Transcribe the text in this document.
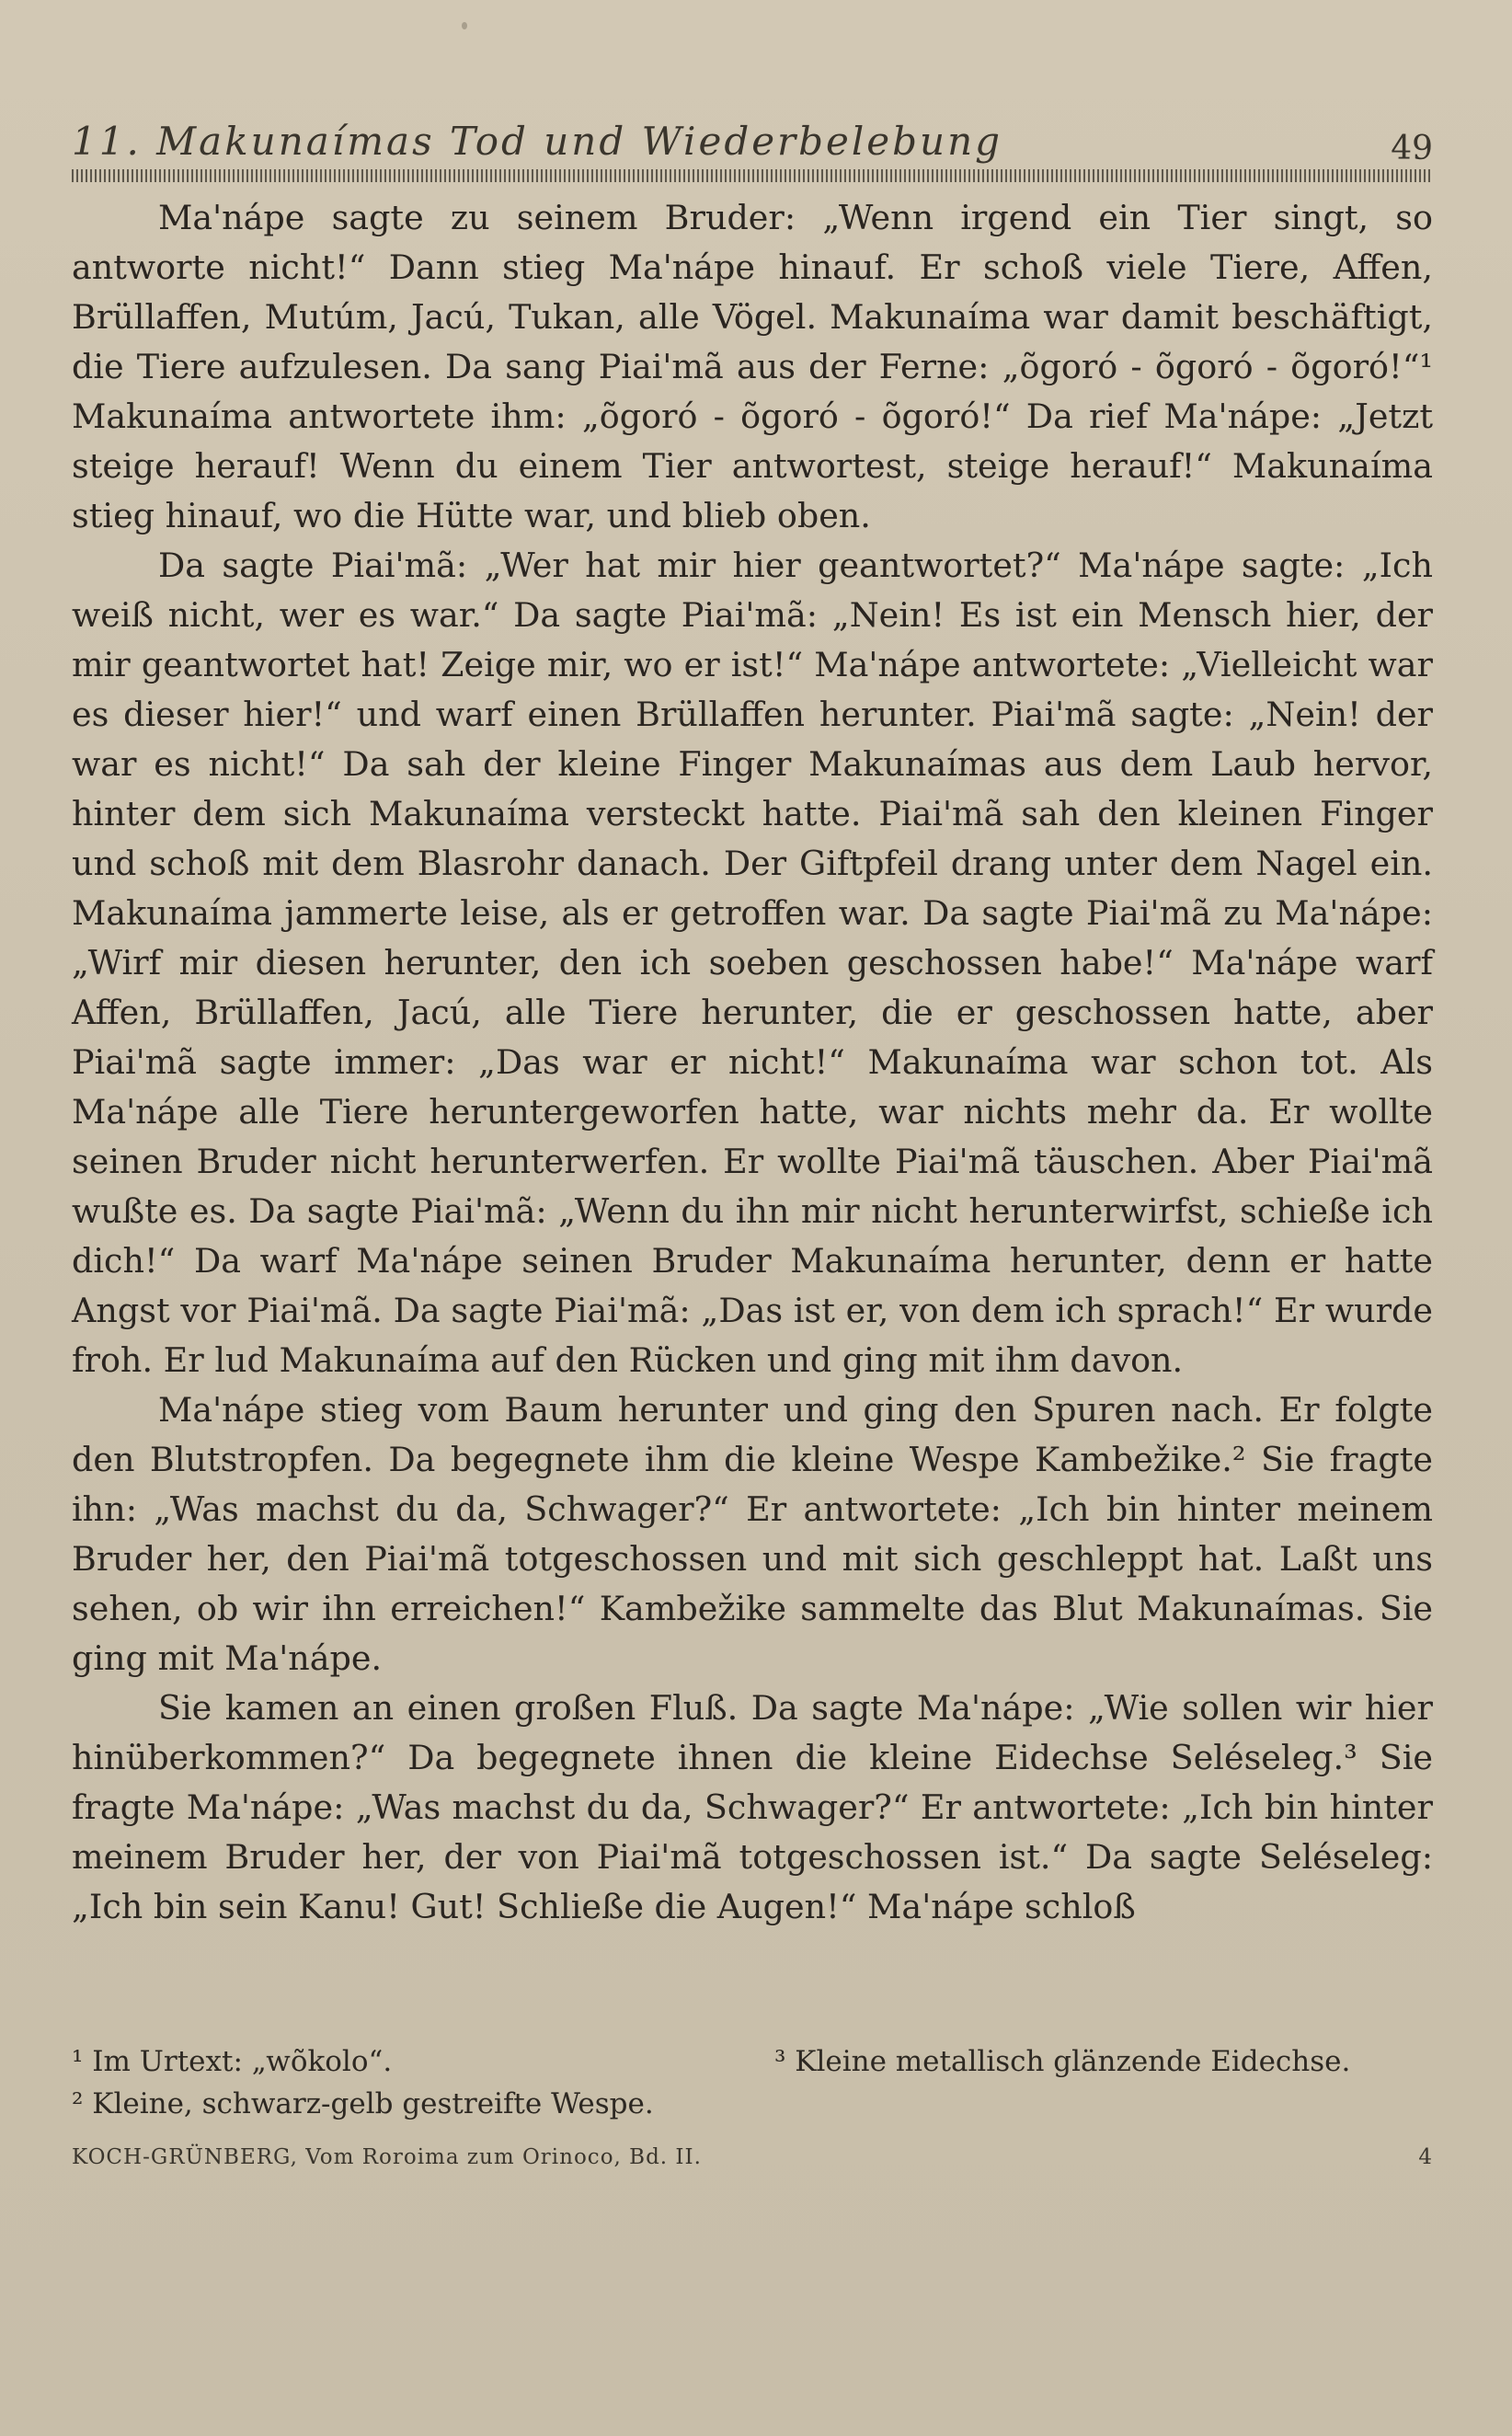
11. Makunaímas Tod und Wiederbelebung	49

Ma'nápe sagte zu seinem Bruder: „Wenn irgend ein Tier singt, so antworte nicht!“ Dann stieg Ma'nápe hinauf. Er schoß viele Tiere, Affen, Brüllaffen, Mutúm, Jacú, Tukan, alle Vögel. Makunaíma war damit beschäftigt, die Tiere aufzulesen. Da sang Piai'mã aus der Ferne: „õgoró - õgoró - õgoró!“¹ Makunaíma antwortete ihm: „õgoró - õgoró - õgoró!“ Da rief Ma'nápe: „Jetzt steige herauf! Wenn du einem Tier antwortest, steige herauf!“ Makunaíma stieg hinauf, wo die Hütte war, und blieb oben.

Da sagte Piai'mã: „Wer hat mir hier geantwortet?“ Ma'nápe sagte: „Ich weiß nicht, wer es war.“ Da sagte Piai'mã: „Nein! Es ist ein Mensch hier, der mir geantwortet hat! Zeige mir, wo er ist!“ Ma'nápe antwortete: „Vielleicht war es dieser hier!“ und warf einen Brüllaffen herunter. Piai'mã sagte: „Nein! der war es nicht!“ Da sah der kleine Finger Makunaímas aus dem Laub hervor, hinter dem sich Makunaíma versteckt hatte. Piai'mã sah den kleinen Finger und schoß mit dem Blasrohr danach. Der Giftpfeil drang unter dem Nagel ein. Makunaíma jammerte leise, als er getroffen war. Da sagte Piai'mã zu Ma'nápe: „Wirf mir diesen herunter, den ich soeben geschossen habe!“ Ma'nápe warf Affen, Brüllaffen, Jacú, alle Tiere herunter, die er geschossen hatte, aber Piai'mã sagte immer: „Das war er nicht!“ Makunaíma war schon tot. Als Ma'nápe alle Tiere heruntergeworfen hatte, war nichts mehr da. Er wollte seinen Bruder nicht herunterwerfen. Er wollte Piai'mã täuschen. Aber Piai'mã wußte es. Da sagte Piai'mã: „Wenn du ihn mir nicht herunterwirfst, schieße ich dich!“ Da warf Ma'nápe seinen Bruder Makunaíma herunter, denn er hatte Angst vor Piai'mã. Da sagte Piai'mã: „Das ist er, von dem ich sprach!“ Er wurde froh. Er lud Makunaíma auf den Rücken und ging mit ihm davon.

Ma'nápe stieg vom Baum herunter und ging den Spuren nach. Er folgte den Blutstropfen. Da begegnete ihm die kleine Wespe Kambežike.² Sie fragte ihn: „Was machst du da, Schwager?“ Er antwortete: „Ich bin hinter meinem Bruder her, den Piai'mã totgeschossen und mit sich geschleppt hat. Laßt uns sehen, ob wir ihn erreichen!“ Kambežike sammelte das Blut Makunaímas. Sie ging mit Ma'nápe.

Sie kamen an einen großen Fluß. Da sagte Ma'nápe: „Wie sollen wir hier hinüberkommen?“ Da begegnete ihnen die kleine Eidechse Seléseleg.³ Sie fragte Ma'nápe: „Was machst du da, Schwager?“ Er antwortete: „Ich bin hinter meinem Bruder her, der von Piai'mã totgeschossen ist.“ Da sagte Seléseleg: „Ich bin sein Kanu! Gut! Schließe die Augen!“ Ma'nápe schloß

¹ Im Urtext: „wõkolo“.

² Kleine, schwarz-gelb gestreifte Wespe.

³ Kleine metallisch glänzende Eidechse.

KOCH-GRÜNBERG, Vom Roroima zum Orinoco, Bd. II.	4
